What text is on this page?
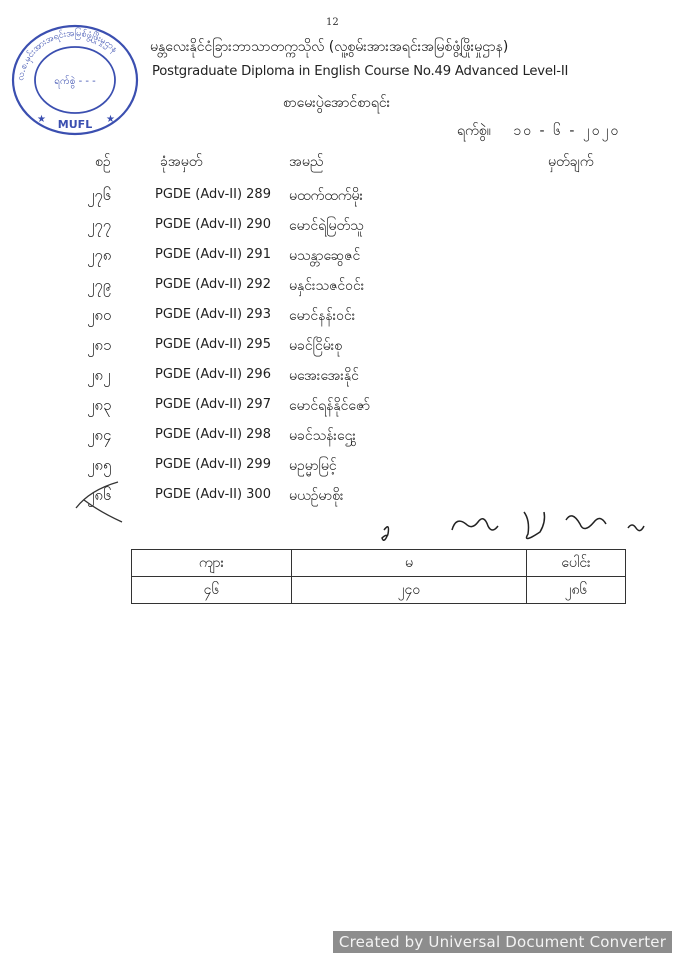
12
လ.စ.မှင်းအားအရင်းအမြစ်ဖွံ့ဖြိုးမှုဌာန
ရက်စွဲ - - -
MUFL
★	★
မန္တလေးနိုင်ငံခြားဘာသာတက္ကသိုလ် (လူ့စွမ်းအားအရင်းအမြစ်ဖွံ့ဖြိုးမှုဌာန)
Postgraduate Diploma in English Course No.49 Advanced Level-II
စာမေးပွဲအောင်စာရင်း
ရက်စွဲ။ ၁၀ - ၆ - ၂၀၂၀
စဉ်	ခုံအမှတ်	အမည်	မှတ်ချက်
၂၇၆	PGDE (Adv-II) 289 မထက်ထက်မိုး
၂၇၇	PGDE (Adv-II) 290 မောင်ရဲမြတ်သူ
၂၇၈	PGDE (Adv-II) 291 မသန္တာဆွေဇင်
၂၇၉	PGDE (Adv-II) 292 မနှင်းသဇင်ဝင်း
၂၈၀	PGDE (Adv-II) 293 မောင်နန်းဝင်း
၂၈၁	PGDE (Adv-II) 295 မခင်ငြိမ်းစု
၂၈၂	PGDE (Adv-II) 296 မအေးအေးနိုင်
၂၈၃	PGDE (Adv-II) 297 မောင်ရန်နိုင်ဇော်
၂၈၄	PGDE (Adv-II) 298 မခင်သန်းဌွေး
၂၈၅	PGDE (Adv-II) 299 မဥမ္မာမြင့်
၂၈၆	PGDE (Adv-II) 300 မယဉ်မာစိုး
ကျား	မ	ပေါင်း
၄၆	၂၄၀	၂၈၆
Created by Universal Document Converter
